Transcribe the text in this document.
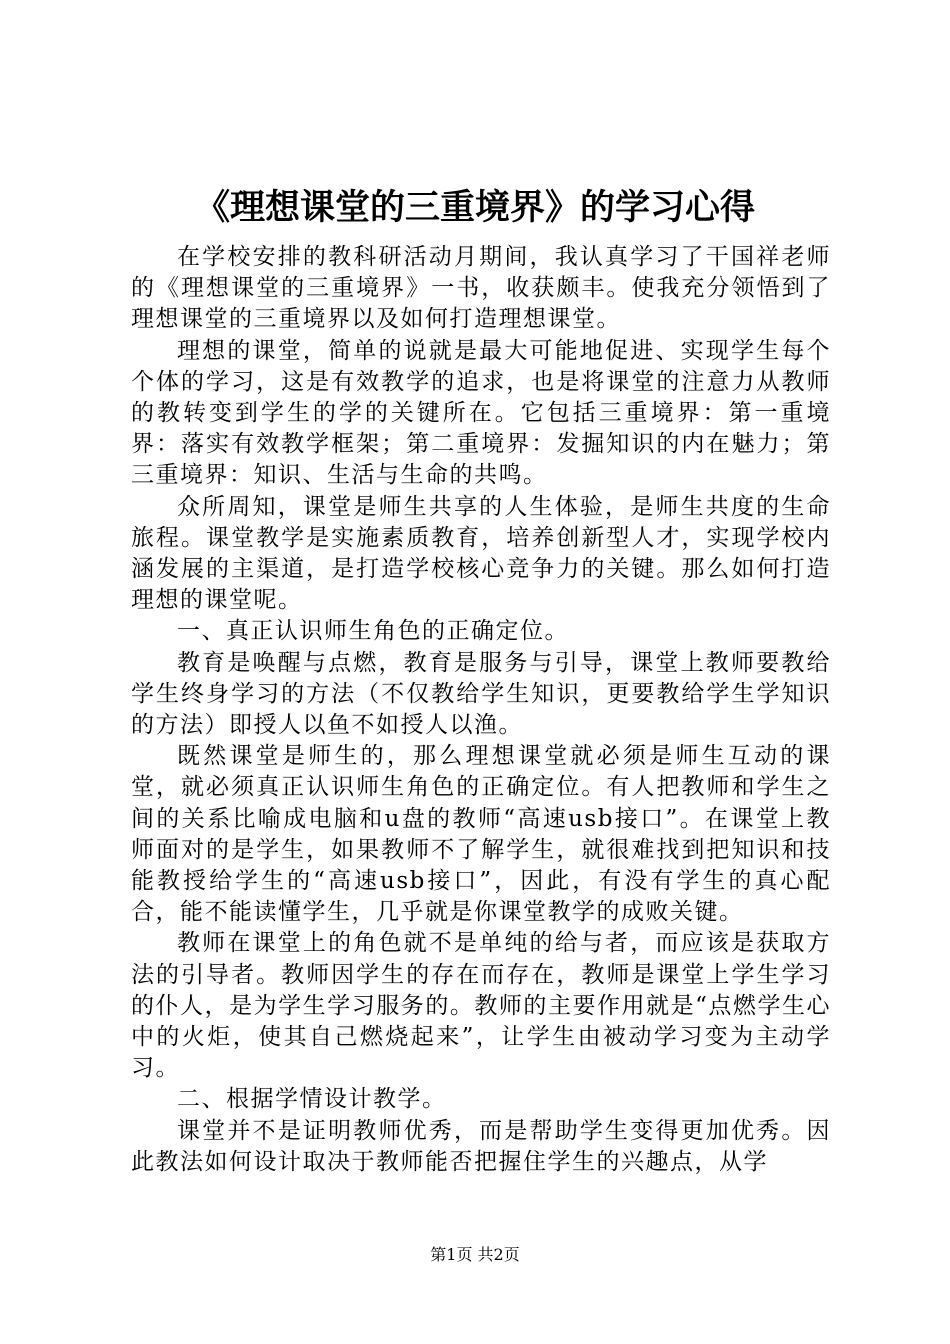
《理想课堂的三重境界》的学习心得

在学校安排的教科研活动月期间，我认真学习了干国祥老师的《理想课堂的三重境界》一书，收获颇丰。使我充分领悟到了理想课堂的三重境界以及如何打造理想课堂。

理想的课堂，简单的说就是最大可能地促进、实现学生每个个体的学习，这是有效教学的追求，也是将课堂的注意力从教师的教转变到学生的学的关键所在。它包括三重境界：第一重境界：落实有效教学框架；第二重境界：发掘知识的内在魅力；第三重境界：知识、生活与生命的共鸣。

众所周知，课堂是师生共享的人生体验，是师生共度的生命旅程。课堂教学是实施素质教育，培养创新型人才，实现学校内涵发展的主渠道，是打造学校核心竞争力的关键。那么如何打造理想的课堂呢。

一、真正认识师生角色的正确定位。

教育是唤醒与点燃，教育是服务与引导，课堂上教师要教给学生终身学习的方法（不仅教给学生知识，更要教给学生学知识的方法）即授人以鱼不如授人以渔。

既然课堂是师生的，那么理想课堂就必须是师生互动的课堂，就必须真正认识师生角色的正确定位。有人把教师和学生之间的关系比喻成电脑和u盘的教师“高速usb接口”。在课堂上教师面对的是学生，如果教师不了解学生，就很难找到把知识和技能教授给学生的“高速usb接口”，因此，有没有学生的真心配合，能不能读懂学生，几乎就是你课堂教学的成败关键。

教师在课堂上的角色就不是单纯的给与者，而应该是获取方法的引导者。教师因学生的存在而存在，教师是课堂上学生学习的仆人，是为学生学习服务的。教师的主要作用就是“点燃学生心中的火炬，使其自己燃烧起来”，让学生由被动学习变为主动学习。

二、根据学情设计教学。

课堂并不是证明教师优秀，而是帮助学生变得更加优秀。因此教法如何设计取决于教师能否把握住学生的兴趣点，从学

第1页 共2页
